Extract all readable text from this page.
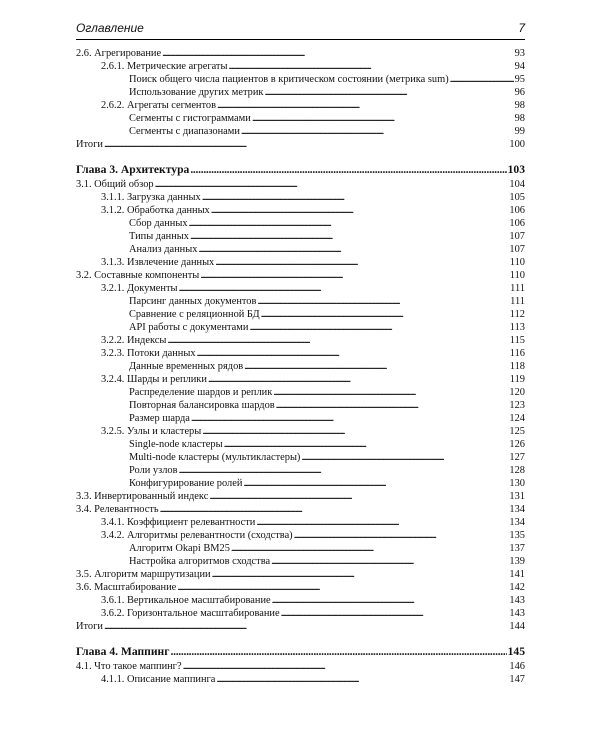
Оглавление	7
2.6. Агрегирование . . .	93
2.6.1. Метрические агрегаты . . .	94
Поиск общего числа пациентов в критическом состоянии (метрика sum) . . .	95
Использование других метрик . . .	96
2.6.2. Агрегаты сегментов . . .	98
Сегменты с гистограммами . . .	98
Сегменты с диапазонами . . .	99
Итоги . . .	100
Глава 3. Архитектура . . .	103
3.1. Общий обзор . . .	104
3.1.1. Загрузка данных . . .	105
3.1.2. Обработка данных . . .	106
Сбор данных . . .	106
Типы данных . . .	107
Анализ данных . . .	107
3.1.3. Извлечение данных . . .	110
3.2. Составные компоненты . . .	110
3.2.1. Документы . . .	111
Парсинг данных документов . . .	111
Сравнение с реляционной БД . . .	112
API работы с документами . . .	113
3.2.2. Индексы . . .	115
3.2.3. Потоки данных . . .	116
Данные временных рядов . . .	118
3.2.4. Шарды и реплики . . .	119
Распределение шардов и реплик . . .	120
Повторная балансировка шардов . . .	123
Размер шарда . . .	124
3.2.5. Узлы и кластеры . . .	125
Single-node кластеры . . .	126
Multi-node кластеры (мультикластеры) . . .	127
Роли узлов . . .	128
Конфигурирование ролей . . .	130
3.3. Инвертированный индекс . . .	131
3.4. Релевантность . . .	134
3.4.1. Коэффициент релевантности . . .	134
3.4.2. Алгоритмы релевантности (сходства) . . .	135
Алгоритм Okapi BM25 . . .	137
Настройка алгоритмов сходства . . .	139
3.5. Алгоритм маршрутизации . . .	141
3.6. Масштабирование . . .	142
3.6.1. Вертикальное масштабирование . . .	143
3.6.2. Горизонтальное масштабирование . . .	143
Итоги . . .	144
Глава 4. Маппинг . . .	145
4.1. Что такое маппинг? . . .	146
4.1.1. Описание маппинга . . .	147
